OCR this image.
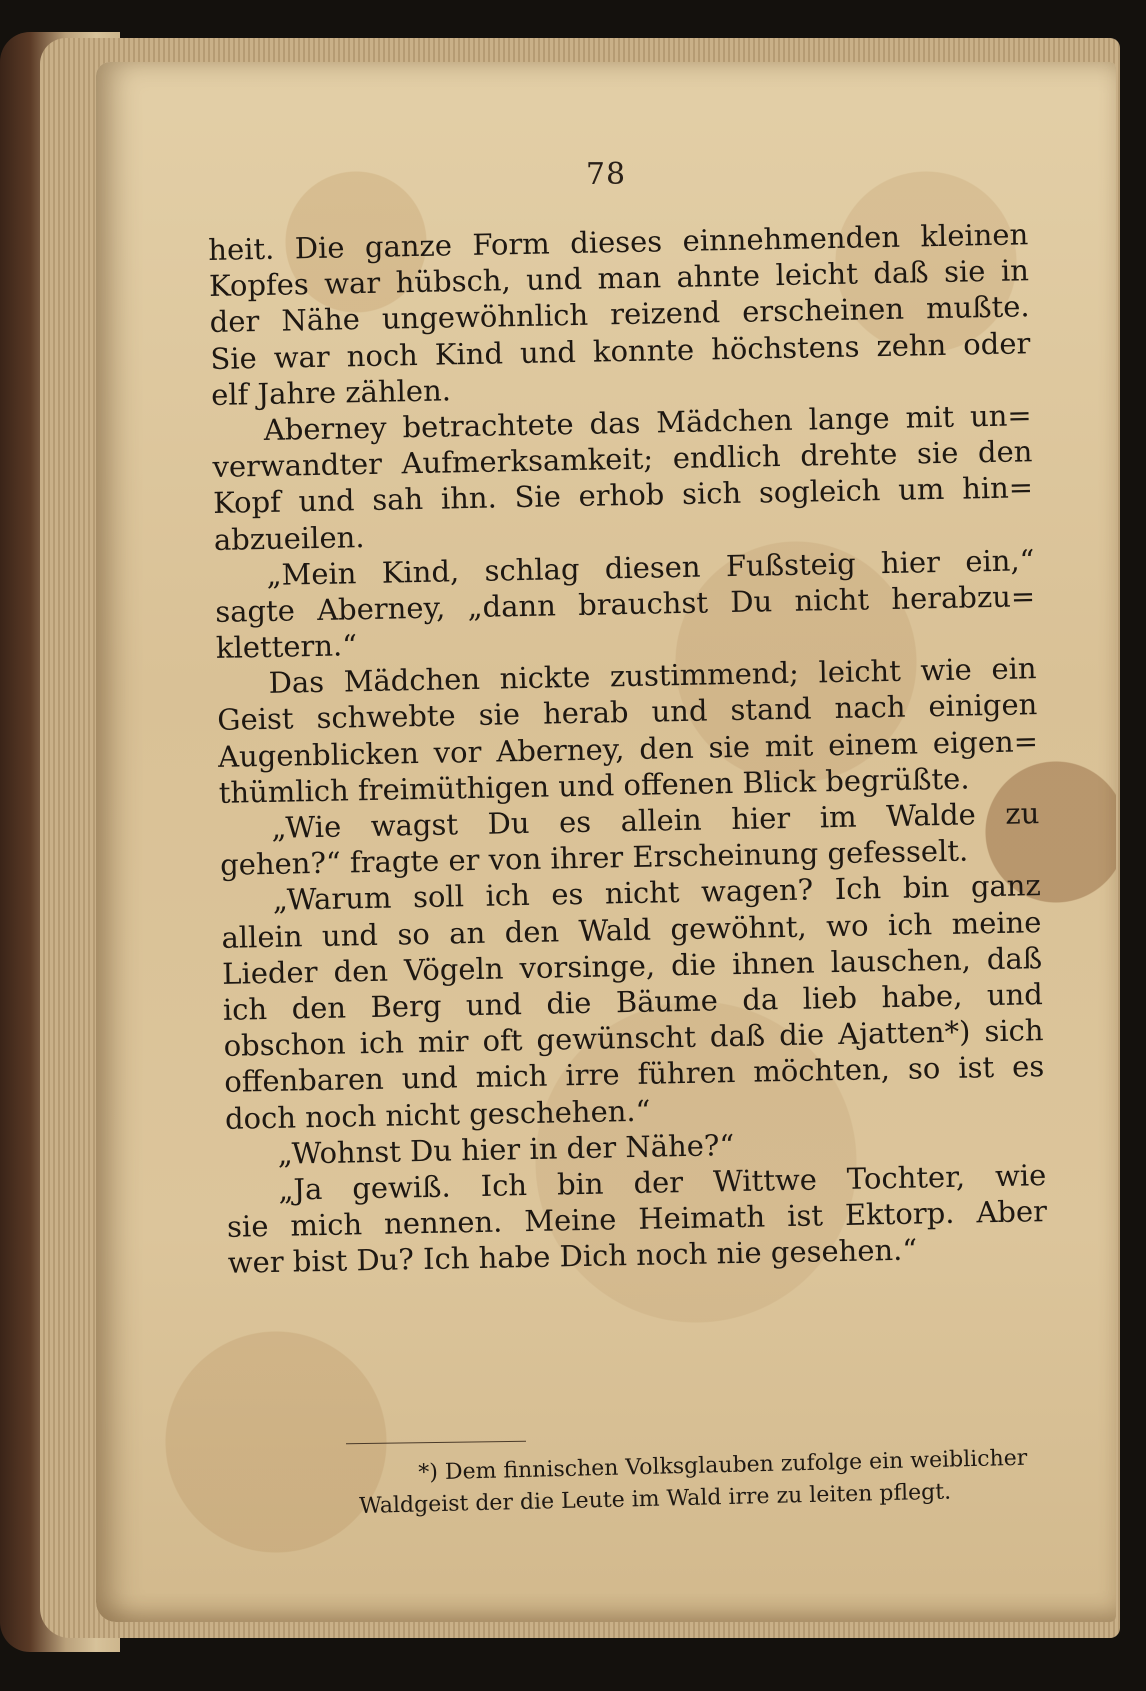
78
heit. Die ganze Form dieses einnehmenden kleinen
Kopfes war hübsch, und man ahnte leicht daß sie in
der Nähe ungewöhnlich reizend erscheinen mußte.
Sie war noch Kind und konnte höchstens zehn oder
elf Jahre zählen.
Aberney betrachtete das Mädchen lange mit un=
verwandter Aufmerksamkeit; endlich drehte sie den
Kopf und sah ihn. Sie erhob sich sogleich um hin=
abzueilen.
„Mein Kind, schlag diesen Fußsteig hier ein,“
sagte Aberney, „dann brauchst Du nicht herabzu=
klettern.“
Das Mädchen nickte zustimmend; leicht wie ein
Geist schwebte sie herab und stand nach einigen
Augenblicken vor Aberney, den sie mit einem eigen=
thümlich freimüthigen und offenen Blick begrüßte.
„Wie wagst Du es allein hier im Walde zu
gehen?“ fragte er von ihrer Erscheinung gefesselt.
„Warum soll ich es nicht wagen? Ich bin ganz
allein und so an den Wald gewöhnt, wo ich meine
Lieder den Vögeln vorsinge, die ihnen lauschen, daß
ich den Berg und die Bäume da lieb habe, und
obschon ich mir oft gewünscht daß die Ajatten*) sich
offenbaren und mich irre führen möchten, so ist es
doch noch nicht geschehen.“
„Wohnst Du hier in der Nähe?“
„Ja gewiß. Ich bin der Wittwe Tochter, wie
sie mich nennen. Meine Heimath ist Ektorp. Aber
wer bist Du? Ich habe Dich noch nie gesehen.“
*) Dem finnischen Volksglauben zufolge ein weiblicher
Waldgeist der die Leute im Wald irre zu leiten pflegt.
